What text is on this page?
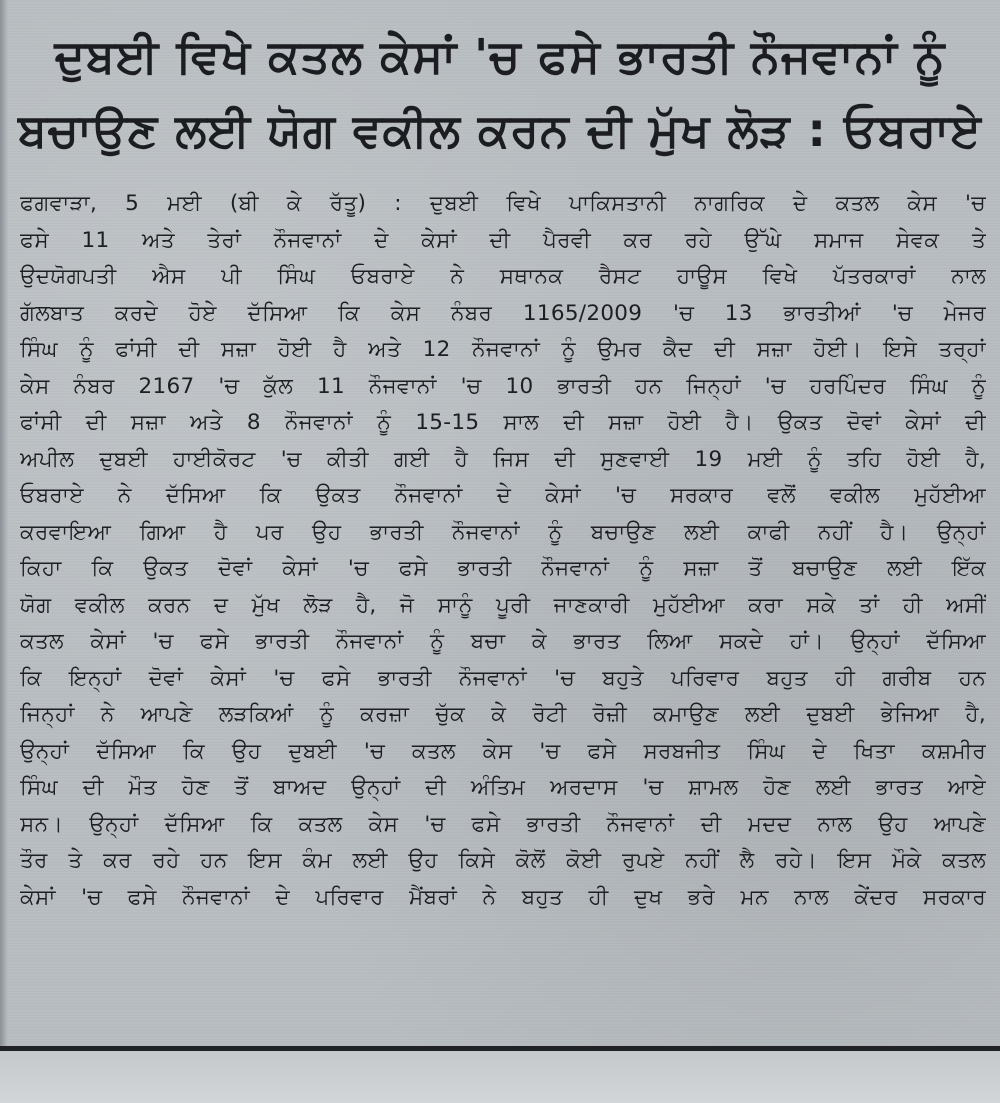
ਦੁਬਈ ਵਿਖੇ ਕਤਲ ਕੇਸਾਂ 'ਚ ਫਸੇ ਭਾਰਤੀ ਨੌਜਵਾਨਾਂ ਨੂੰ
ਬਚਾਉਣ ਲਈ ਯੋਗ ਵਕੀਲ ਕਰਨ ਦੀ ਮੁੱਖ ਲੋੜ : ਓਬਰਾਏ
ਫਗਵਾੜਾ, 5 ਮਈ (ਬੀ ਕੇ ਰੱਤੂ) : ਦੁਬਈ ਵਿਖੇ ਪਾਕਿਸਤਾਨੀ ਨਾਗਰਿਕ ਦੇ ਕਤਲ ਕੇਸ 'ਚ
ਫਸੇ 11 ਅਤੇ ਤੇਰਾਂ ਨੌਜਵਾਨਾਂ ਦੇ ਕੇਸਾਂ ਦੀ ਪੈਰਵੀ ਕਰ ਰਹੇ ਉੱਘੇ ਸਮਾਜ ਸੇਵਕ ਤੇ
ਉਦਯੋਗਪਤੀ ਐਸ ਪੀ ਸਿੰਘ ਓਬਰਾਏ ਨੇ ਸਥਾਨਕ ਰੈਸਟ ਹਾਊਸ ਵਿਖੇ ਪੱਤਰਕਾਰਾਂ ਨਾਲ
ਗੱਲਬਾਤ ਕਰਦੇ ਹੋਏ ਦੱਸਿਆ ਕਿ ਕੇਸ ਨੰਬਰ 1165/2009 'ਚ 13 ਭਾਰਤੀਆਂ 'ਚ ਮੇਜਰ
ਸਿੰਘ ਨੂੰ ਫਾਂਸੀ ਦੀ ਸਜ਼ਾ ਹੋਈ ਹੈ ਅਤੇ 12 ਨੌਜਵਾਨਾਂ ਨੂੰ ਉਮਰ ਕੈਦ ਦੀ ਸਜ਼ਾ ਹੋਈ। ਇਸੇ ਤਰ੍ਹਾਂ
ਕੇਸ ਨੰਬਰ 2167 'ਚ ਕੁੱਲ 11 ਨੌਜਵਾਨਾਂ 'ਚ 10 ਭਾਰਤੀ ਹਨ ਜਿਨ੍ਹਾਂ 'ਚ ਹਰਪਿੰਦਰ ਸਿੰਘ ਨੂੰ
ਫਾਂਸੀ ਦੀ ਸਜ਼ਾ ਅਤੇ 8 ਨੌਜਵਾਨਾਂ ਨੂੰ 15-15 ਸਾਲ ਦੀ ਸਜ਼ਾ ਹੋਈ ਹੈ। ਉਕਤ ਦੋਵਾਂ ਕੇਸਾਂ ਦੀ
ਅਪੀਲ ਦੁਬਈ ਹਾਈਕੋਰਟ 'ਚ ਕੀਤੀ ਗਈ ਹੈ ਜਿਸ ਦੀ ਸੁਣਵਾਈ 19 ਮਈ ਨੂੰ ਤਹਿ ਹੋਈ ਹੈ,
ਓਬਰਾਏ ਨੇ ਦੱਸਿਆ ਕਿ ਉਕਤ ਨੌਜਵਾਨਾਂ ਦੇ ਕੇਸਾਂ 'ਚ ਸਰਕਾਰ ਵਲੋਂ ਵਕੀਲ ਮੁਹੱਈਆ
ਕਰਵਾਇਆ ਗਿਆ ਹੈ ਪਰ ਉਹ ਭਾਰਤੀ ਨੌਜਵਾਨਾਂ ਨੂੰ ਬਚਾਉਣ ਲਈ ਕਾਫੀ ਨਹੀਂ ਹੈ। ਉਨ੍ਹਾਂ
ਕਿਹਾ ਕਿ ਉਕਤ ਦੋਵਾਂ ਕੇਸਾਂ 'ਚ ਫਸੇ ਭਾਰਤੀ ਨੌਜਵਾਨਾਂ ਨੂੰ ਸਜ਼ਾ ਤੋਂ ਬਚਾਉਣ ਲਈ ਇੱਕ
ਯੋਗ ਵਕੀਲ ਕਰਨ ਦ ਮੁੱਖ ਲੋੜ ਹੈ, ਜੋ ਸਾਨੂੰ ਪੂਰੀ ਜਾਣਕਾਰੀ ਮੁਹੱਈਆ ਕਰਾ ਸਕੇ ਤਾਂ ਹੀ ਅਸੀਂ
ਕਤਲ ਕੇਸਾਂ 'ਚ ਫਸੇ ਭਾਰਤੀ ਨੌਜਵਾਨਾਂ ਨੂੰ ਬਚਾ ਕੇ ਭਾਰਤ ਲਿਆ ਸਕਦੇ ਹਾਂ। ਉਨ੍ਹਾਂ ਦੱਸਿਆ
ਕਿ ਇਨ੍ਹਾਂ ਦੋਵਾਂ ਕੇਸਾਂ 'ਚ ਫਸੇ ਭਾਰਤੀ ਨੌਜਵਾਨਾਂ 'ਚ ਬਹੁਤੇ ਪਰਿਵਾਰ ਬਹੁਤ ਹੀ ਗਰੀਬ ਹਨ
ਜਿਨ੍ਹਾਂ ਨੇ ਆਪਣੇ ਲੜਕਿਆਂ ਨੂੰ ਕਰਜ਼ਾ ਚੁੱਕ ਕੇ ਰੋਟੀ ਰੋਜ਼ੀ ਕਮਾਉਣ ਲਈ ਦੁਬਈ ਭੇਜਿਆ ਹੈ,
ਉਨ੍ਹਾਂ ਦੱਸਿਆ ਕਿ ਉਹ ਦੁਬਈ 'ਚ ਕਤਲ ਕੇਸ 'ਚ ਫਸੇ ਸਰਬਜੀਤ ਸਿੰਘ ਦੇ ਖਿਤਾ ਕਸ਼ਮੀਰ
ਸਿੰਘ ਦੀ ਮੌਤ ਹੋਣ ਤੋਂ ਬਾਅਦ ਉਨ੍ਹਾਂ ਦੀ ਅੰਤਿਮ ਅਰਦਾਸ 'ਚ ਸ਼ਾਮਲ ਹੋਣ ਲਈ ਭਾਰਤ ਆਏ
ਸਨ। ਉਨ੍ਹਾਂ ਦੱਸਿਆ ਕਿ ਕਤਲ ਕੇਸ 'ਚ ਫਸੇ ਭਾਰਤੀ ਨੌਜਵਾਨਾਂ ਦੀ ਮਦਦ ਨਾਲ ਉਹ ਆਪਣੇ
ਤੌਰ ਤੇ ਕਰ ਰਹੇ ਹਨ ਇਸ ਕੰਮ ਲਈ ਉਹ ਕਿਸੇ ਕੋਲੋਂ ਕੋਈ ਰੁਪਏ ਨਹੀਂ ਲੈ ਰਹੇ। ਇਸ ਮੌਕੇ ਕਤਲ
ਕੇਸਾਂ 'ਚ ਫਸੇ ਨੌਜਵਾਨਾਂ ਦੇ ਪਰਿਵਾਰ ਮੈਂਬਰਾਂ ਨੇ ਬਹੁਤ ਹੀ ਦੁਖ ਭਰੇ ਮਨ ਨਾਲ ਕੇਂਦਰ ਸਰਕਾਰ
